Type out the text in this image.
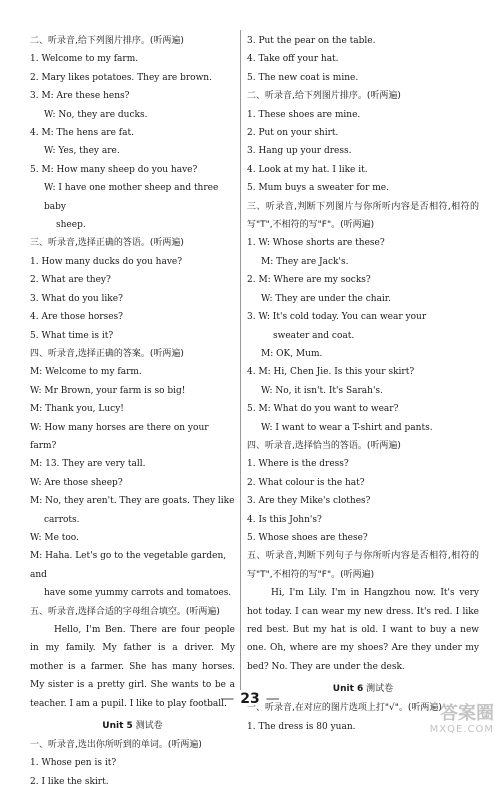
二、听录音,给下列图片排序。(听两遍)

1. Welcome to my farm.

2. Mary likes potatoes. They are brown.

3. M: Are these hens?

W: No, they are ducks.

4. M: The hens are fat.

W: Yes, they are.

5. M: How many sheep do you have?

W: I have one mother sheep and three baby

sheep.

三、听录音,选择正确的答语。(听两遍)

1. How many ducks do you have?

2. What are they?

3. What do you like?

4. Are those horses?

5. What time is it?

四、听录音,选择正确的答案。(听两遍)

M: Welcome to my farm.

W: Mr Brown, your farm is so big!

M: Thank you, Lucy!

W: How many horses are there on your farm?

M: 13. They are very tall.

W: Are those sheep?

M: No, they aren't. They are goats. They like

carrots.

W: Me too.

M: Haha. Let's go to the vegetable garden, and

have some yummy carrots and tomatoes.

五、听录音,选择合适的字母组合填空。(听两遍)

Hello, I'm Ben. There are four people in my family. My father is a driver. My mother is a farmer. She has many horses. My sister is a pretty girl. She wants to be a teacher. I am a pupil. I like to play football.

Unit 5 测试卷

一、听录音,选出你所听到的单词。(听两遍)

1. Whose pen is it?

2. I like the skirt.

3. Put the pear on the table.

4. Take off your hat.

5. The new coat is mine.

二、听录音,给下列图片排序。(听两遍)

1. These shoes are mine.

2. Put on your shirt.

3. Hang up your dress.

4. Look at my hat. I like it.

5. Mum buys a sweater for me.

三、听录音,判断下列图片与你所听内容是否相符,相符的写"T",不相符的写"F"。(听两遍)

1. W: Whose shorts are these?

M: They are Jack's.

2. M: Where are my socks?

W: They are under the chair.

3. W: It's cold today. You can wear your

sweater and coat.

M: OK, Mum.

4. M: Hi, Chen Jie. Is this your skirt?

W: No, it isn't. It's Sarah's.

5. M: What do you want to wear?

W: I want to wear a T-shirt and pants.

四、听录音,选择恰当的答语。(听两遍)

1. Where is the dress?

2. What colour is the hat?

3. Are they Mike's clothes?

4. Is this John's?

5. Whose shoes are these?

五、听录音,判断下列句子与你所听内容是否相符,相符的写"T",不相符的写"F"。(听两遍)

Hi, I'm Lily. I'm in Hangzhou now. It's very hot today. I can wear my new dress. It's red. I like red best. But my hat is old. I want to buy a new one. Oh, where are my shoes? Are they under my bed? No. They are under the desk.

Unit 6 测试卷

一、听录音,在对应的图片选项上打"√"。(听两遍)

1. The dress is 80 yuan.

— 23 —
答案圈
MXQE.COM
